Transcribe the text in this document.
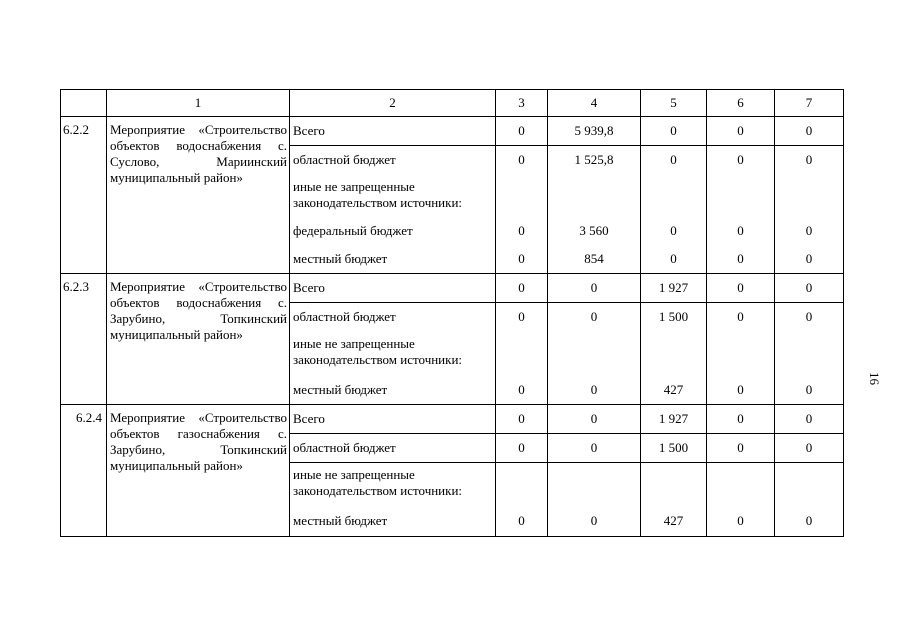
	1	2	3	4	5	6	7
6.2.2	Мероприятие «Строительство объектов водоснабжения с. Суслово, Мариинский муниципальный район»	Всего	0	5 939,8	0	0	0
		областной бюджет	0	1 525,8	0	0	0
		иные не запрещенные законодательством источники:					
		федеральный бюджет	0	3 560	0	0	0
		местный бюджет	0	854	0	0	0
6.2.3	Мероприятие «Строительство объектов водоснабжения с. Зарубино, Топкинский муниципальный район»	Всего	0	0	1 927	0	0
		областной бюджет	0	0	1 500	0	0
		иные не запрещенные законодательством источники:					
		местный бюджет	0	0	427	0	0
6.2.4	Мероприятие «Строительство объектов газоснабжения с. Зарубино, Топкинский муниципальный район»	Всего	0	0	1 927	0	0
		областной бюджет	0	0	1 500	0	0
		иные не запрещенные законодательством источники:					
		местный бюджет	0	0	427	0	0
16
